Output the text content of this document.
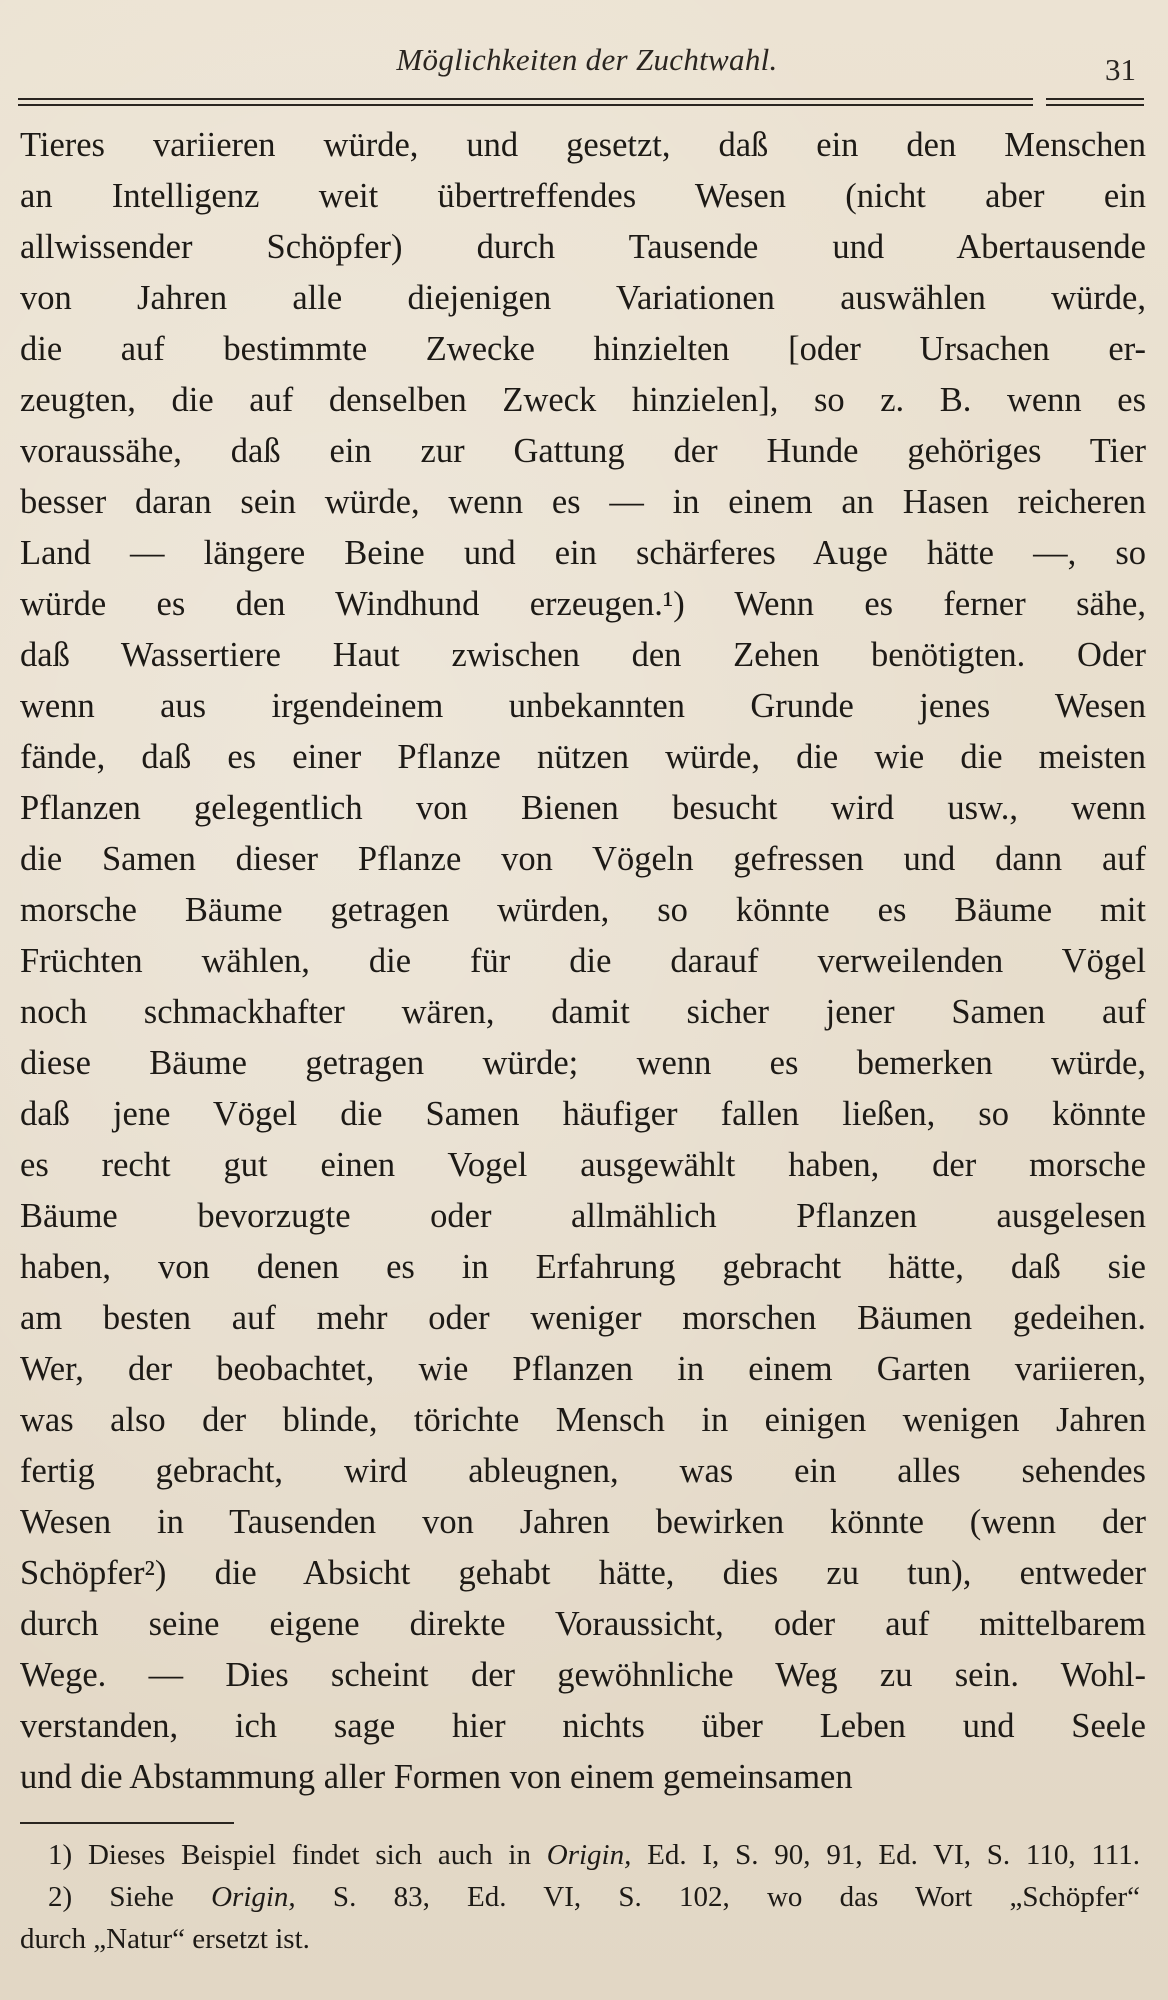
Möglichkeiten der Zuchtwahl.	31
Tieres variieren würde, und gesetzt, daß ein den Menschen
an Intelligenz weit übertreffendes Wesen (nicht aber ein
allwissender Schöpfer) durch Tausende und Abertausende
von Jahren alle diejenigen Variationen auswählen würde,
die auf bestimmte Zwecke hinzielten [oder Ursachen er-
zeugten, die auf denselben Zweck hinzielen], so z. B. wenn es
voraussähe, daß ein zur Gattung der Hunde gehöriges Tier
besser daran sein würde, wenn es — in einem an Hasen reicheren
Land — längere Beine und ein schärferes Auge hätte —, so
würde es den Windhund erzeugen.¹) Wenn es ferner sähe,
daß Wassertiere Haut zwischen den Zehen benötigten. Oder
wenn aus irgendeinem unbekannten Grunde jenes Wesen
fände, daß es einer Pflanze nützen würde, die wie die meisten
Pflanzen gelegentlich von Bienen besucht wird usw., wenn
die Samen dieser Pflanze von Vögeln gefressen und dann auf
morsche Bäume getragen würden, so könnte es Bäume mit
Früchten wählen, die für die darauf verweilenden Vögel
noch schmackhafter wären, damit sicher jener Samen auf
diese Bäume getragen würde; wenn es bemerken würde,
daß jene Vögel die Samen häufiger fallen ließen, so könnte
es recht gut einen Vogel ausgewählt haben, der morsche
Bäume bevorzugte oder allmählich Pflanzen ausgelesen
haben, von denen es in Erfahrung gebracht hätte, daß sie
am besten auf mehr oder weniger morschen Bäumen gedeihen.
Wer, der beobachtet, wie Pflanzen in einem Garten variieren,
was also der blinde, törichte Mensch in einigen wenigen Jahren
fertig gebracht, wird ableugnen, was ein alles sehendes
Wesen in Tausenden von Jahren bewirken könnte (wenn der
Schöpfer²) die Absicht gehabt hätte, dies zu tun), entweder
durch seine eigene direkte Voraussicht, oder auf mittelbarem
Wege. — Dies scheint der gewöhnliche Weg zu sein. Wohl-
verstanden, ich sage hier nichts über Leben und Seele
und die Abstammung aller Formen von einem gemeinsamen
1) Dieses Beispiel findet sich auch in Origin, Ed. I, S. 90, 91, Ed. VI, S. 110, 111.
2) Siehe Origin, S. 83, Ed. VI, S. 102, wo das Wort „Schöpfer“
durch „Natur“ ersetzt ist.
